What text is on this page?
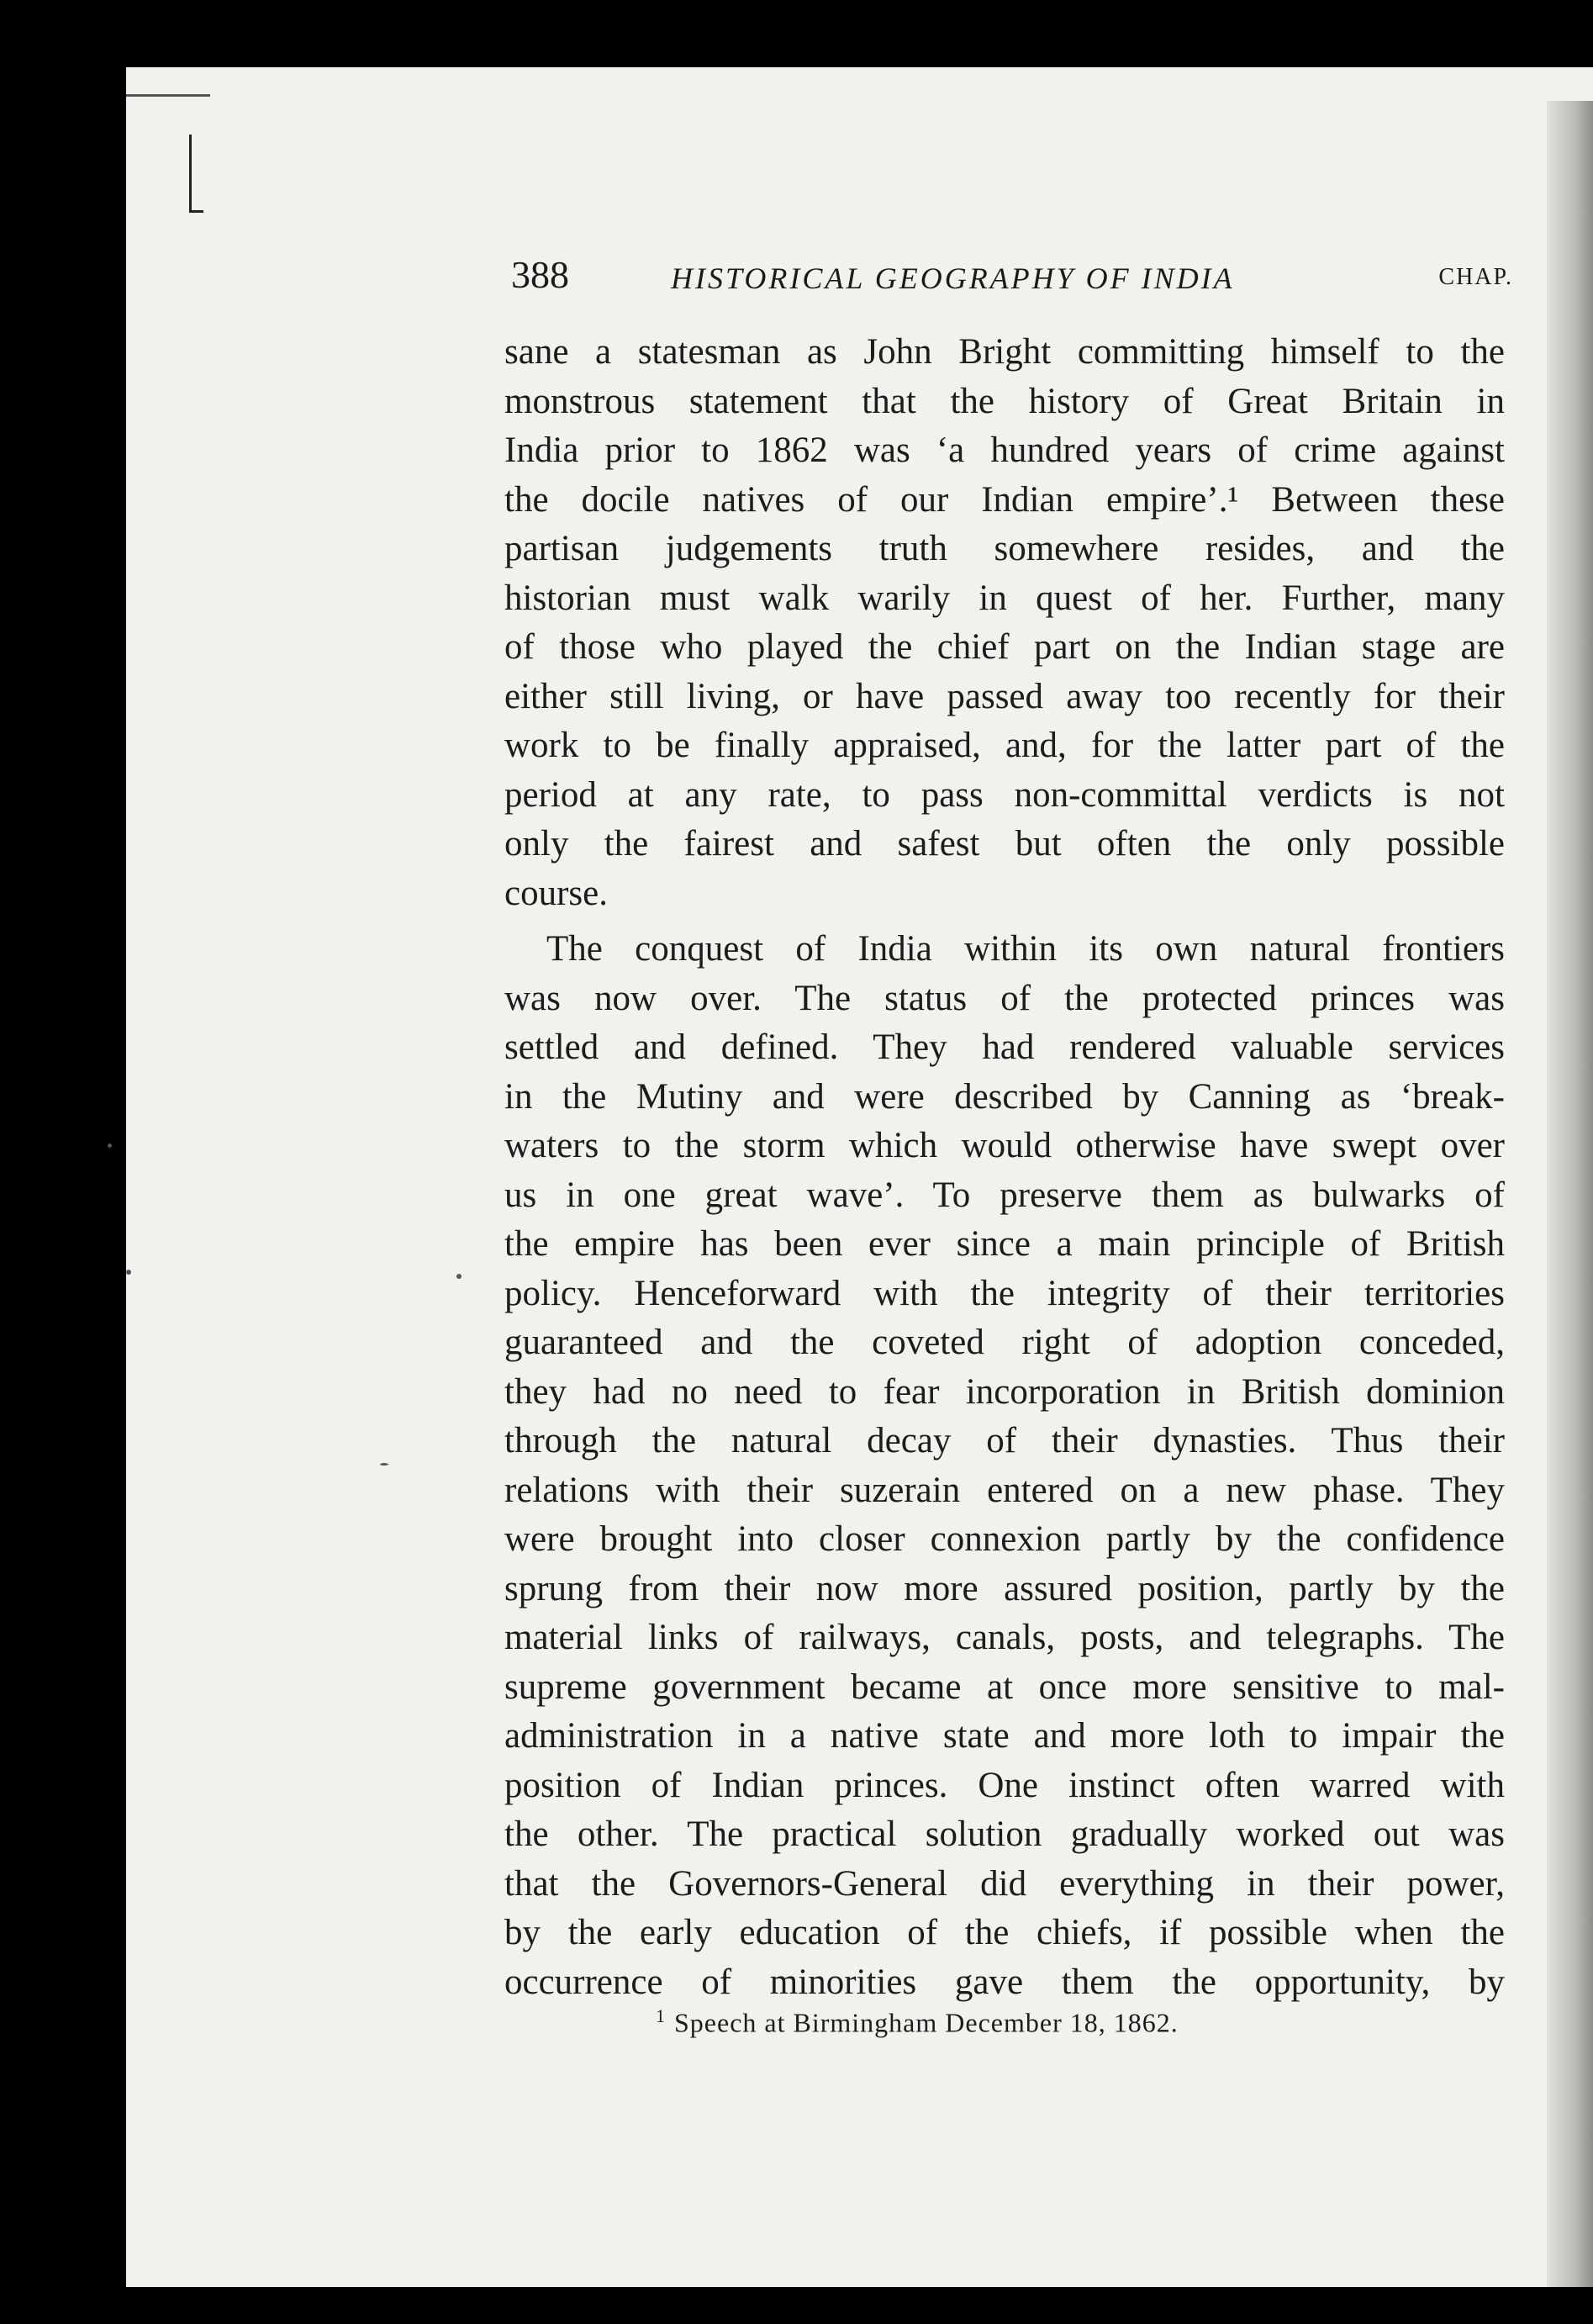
388	HISTORICAL GEOGRAPHY OF INDIA	CHAP.
sane a statesman as John Bright committing himself to the
monstrous statement that the history of Great Britain in
India prior to 1862 was ‘a hundred years of crime against
the docile natives of our Indian empire’.¹ Between these
partisan judgements truth somewhere resides, and the
historian must walk warily in quest of her. Further, many
of those who played the chief part on the Indian stage are
either still living, or have passed away too recently for their
work to be finally appraised, and, for the latter part of the
period at any rate, to pass non-committal verdicts is not
only the fairest and safest but often the only possible
course.
The conquest of India within its own natural frontiers
was now over. The status of the protected princes was
settled and defined. They had rendered valuable services
in the Mutiny and were described by Canning as ‘break-
waters to the storm which would otherwise have swept over
us in one great wave’. To preserve them as bulwarks of
the empire has been ever since a main principle of British
policy. Henceforward with the integrity of their territories
guaranteed and the coveted right of adoption conceded,
they had no need to fear incorporation in British dominion
through the natural decay of their dynasties. Thus their
relations with their suzerain entered on a new phase. They
were brought into closer connexion partly by the confidence
sprung from their now more assured position, partly by the
material links of railways, canals, posts, and telegraphs. The
supreme government became at once more sensitive to mal-
administration in a native state and more loth to impair the
position of Indian princes. One instinct often warred with
the other. The practical solution gradually worked out was
that the Governors-General did everything in their power,
by the early education of the chiefs, if possible when the
occurrence of minorities gave them the opportunity, by
$^1$ Speech at Birmingham December 18, 1862.
